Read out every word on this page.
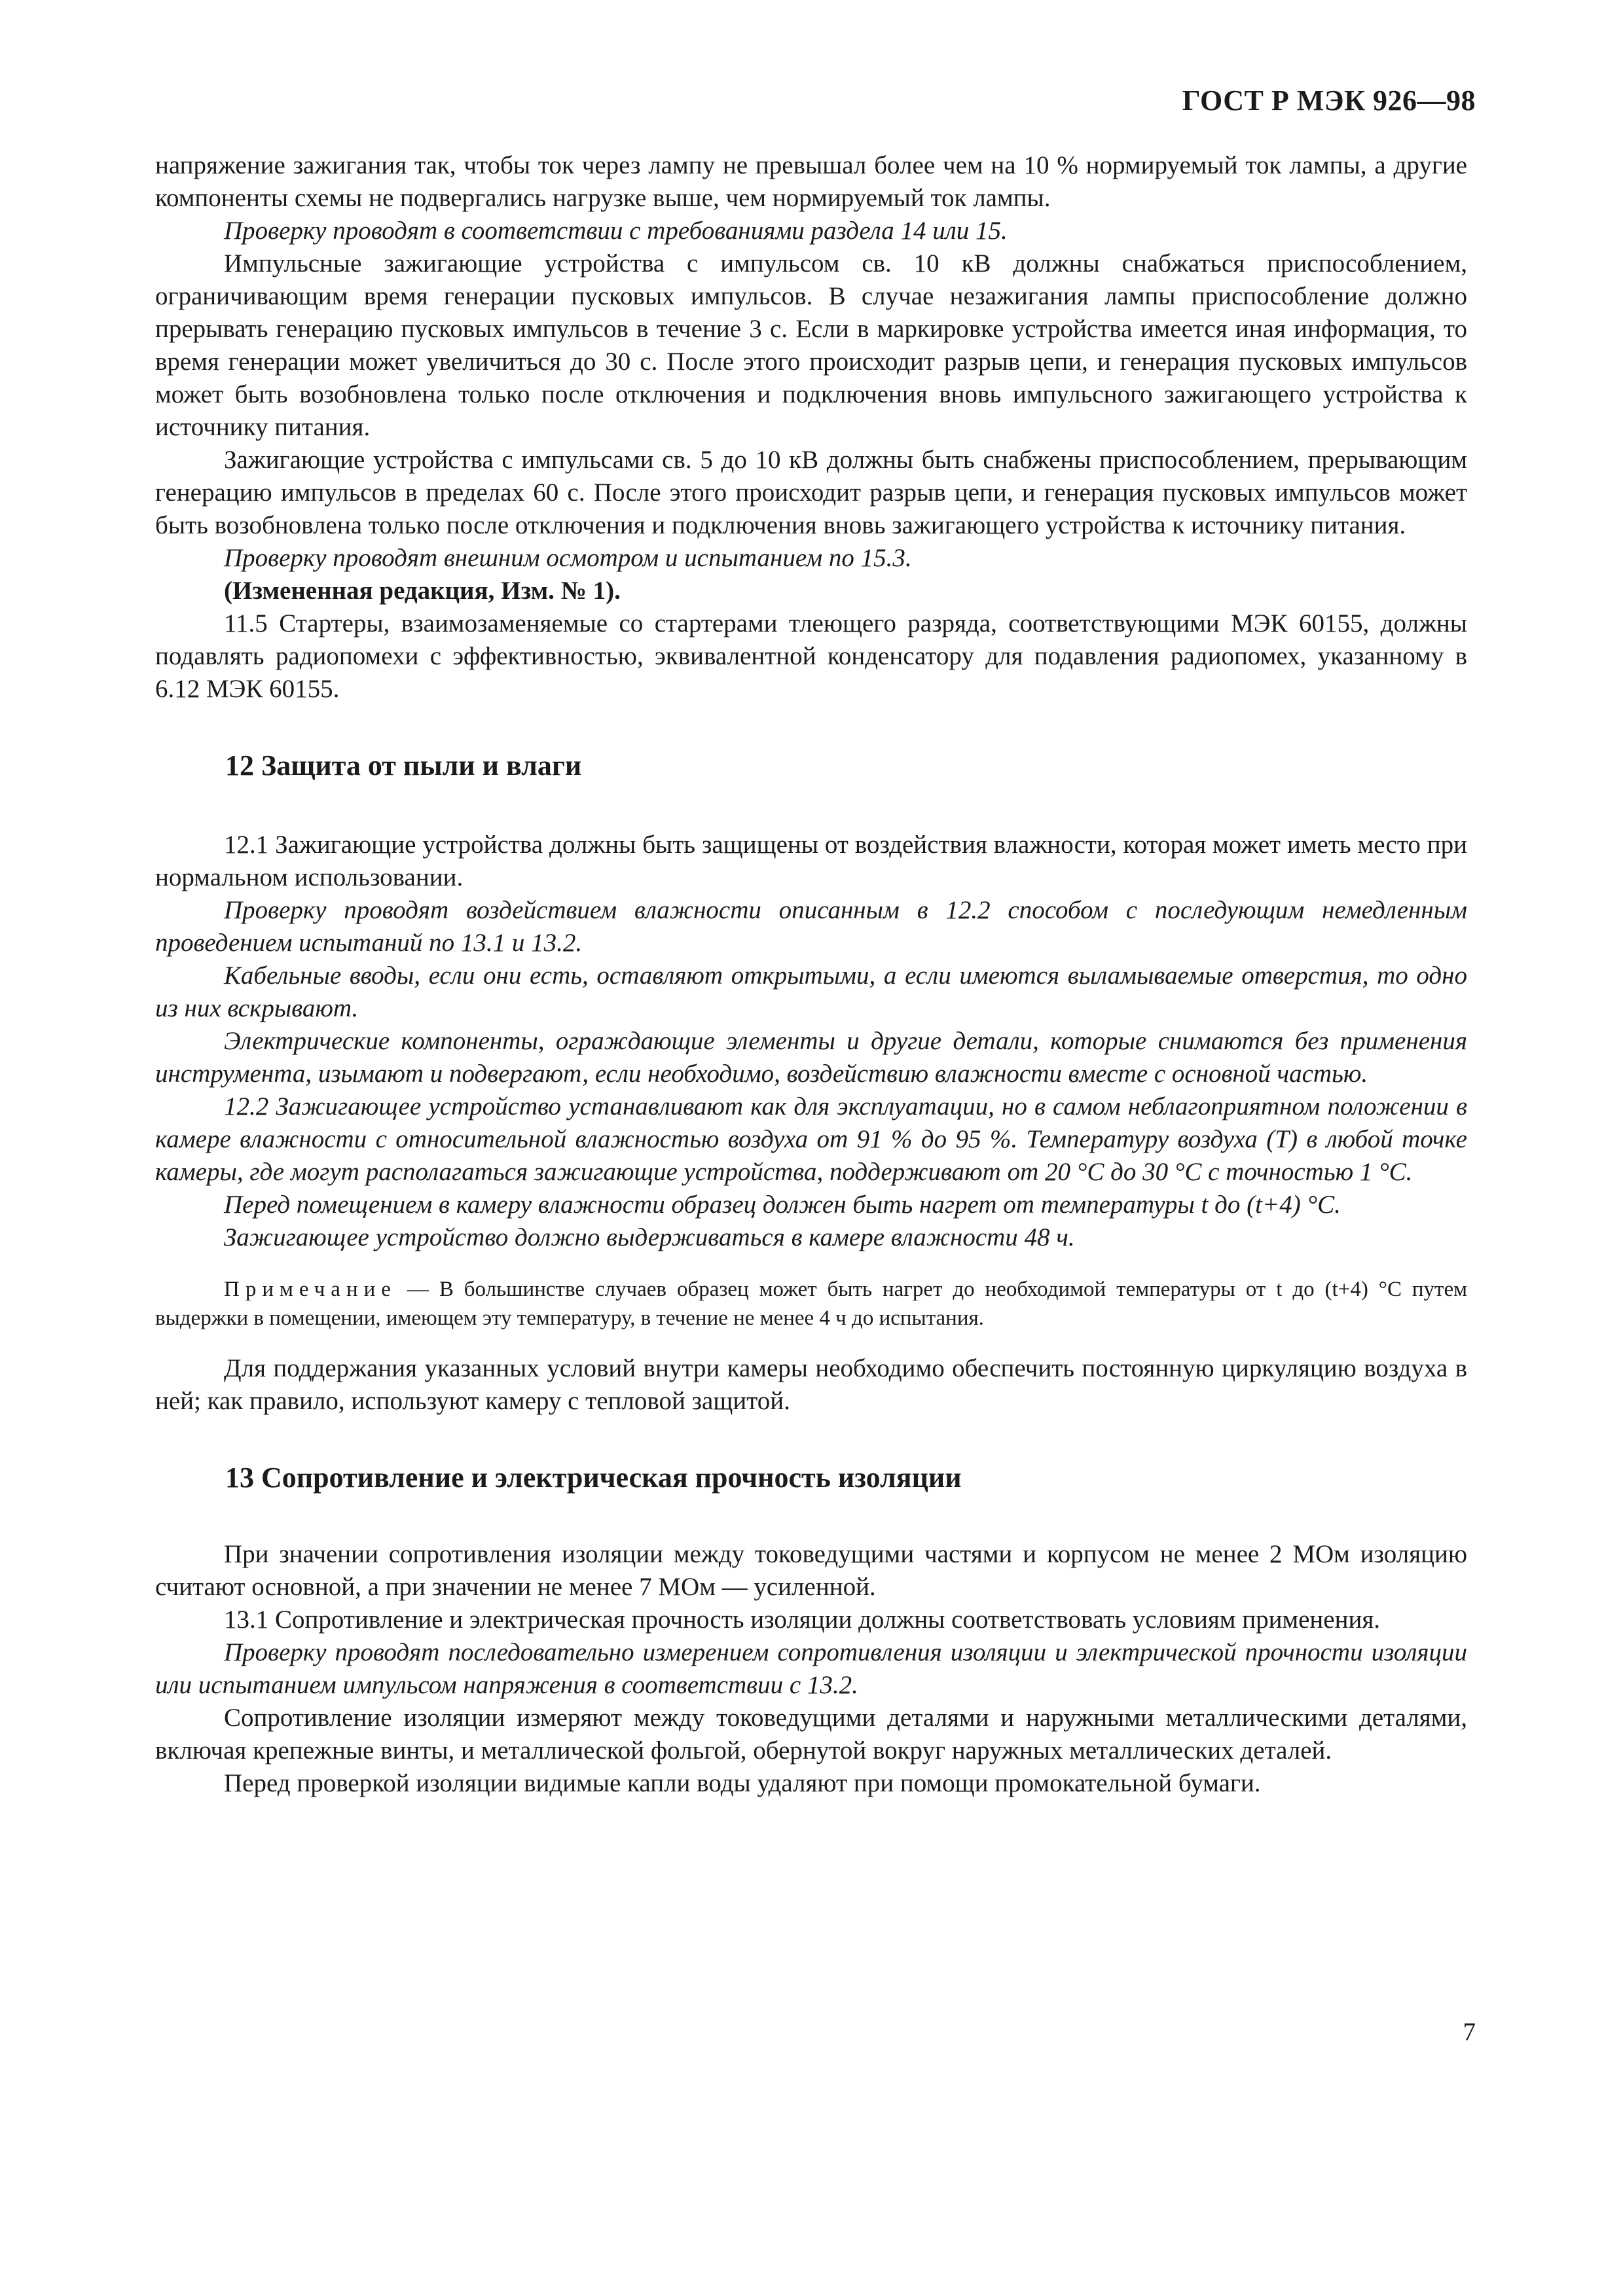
ГОСТ Р МЭК 926—98

напряжение зажигания так, чтобы ток через лампу не превышал более чем на 10 % нормируемый ток лампы, а другие компоненты схемы не подвергались нагрузке выше, чем нормируемый ток лампы.

Проверку проводят в соответствии с требованиями раздела 14 или 15.

Импульсные зажигающие устройства с импульсом св. 10 кВ должны снабжаться приспособлением, ограничивающим время генерации пусковых импульсов. В случае незажигания лампы приспособление должно прерывать генерацию пусковых импульсов в течение 3 с. Если в маркировке устройства имеется иная информация, то время генерации может увеличиться до 30 с. После этого происходит разрыв цепи, и генерация пусковых импульсов может быть возобновлена только после отключения и подключения вновь импульсного зажигающего устройства к источнику питания.

Зажигающие устройства с импульсами св. 5 до 10 кВ должны быть снабжены приспособлением, прерывающим генерацию импульсов в пределах 60 с. После этого происходит разрыв цепи, и генерация пусковых импульсов может быть возобновлена только после отключения и подключения вновь зажигающего устройства к источнику питания.

Проверку проводят внешним осмотром и испытанием по 15.3.

(Измененная редакция, Изм. № 1).

11.5 Стартеры, взаимозаменяемые со стартерами тлеющего разряда, соответствующими МЭК 60155, должны подавлять радиопомехи с эффективностью, эквивалентной конденсатору для подавления радиопомех, указанному в 6.12 МЭК 60155.

12 Защита от пыли и влаги

12.1 Зажигающие устройства должны быть защищены от воздействия влажности, которая может иметь место при нормальном использовании.

Проверку проводят воздействием влажности описанным в 12.2 способом с последующим немедленным проведением испытаний по 13.1 и 13.2.

Кабельные вводы, если они есть, оставляют открытыми, а если имеются выламываемые отверстия, то одно из них вскрывают.

Электрические компоненты, ограждающие элементы и другие детали, которые снимаются без применения инструмента, изымают и подвергают, если необходимо, воздействию влажности вместе с основной частью.

12.2 Зажигающее устройство устанавливают как для эксплуатации, но в самом неблагоприятном положении в камере влажности с относительной влажностью воздуха от 91 % до 95 %. Температуру воздуха (Т) в любой точке камеры, где могут располагаться зажигающие устройства, поддерживают от 20 °С до 30 °С с точностью 1 °С.

Перед помещением в камеру влажности образец должен быть нагрет от температуры t до (t+4) °С.

Зажигающее устройство должно выдерживаться в камере влажности 48 ч.

Примечание — В большинстве случаев образец может быть нагрет до необходимой температуры от t до (t+4) °С путем выдержки в помещении, имеющем эту температуру, в течение не менее 4 ч до испытания.

Для поддержания указанных условий внутри камеры необходимо обеспечить постоянную циркуляцию воздуха в ней; как правило, используют камеру с тепловой защитой.

13 Сопротивление и электрическая прочность изоляции

При значении сопротивления изоляции между токоведущими частями и корпусом не менее 2 МОм изоляцию считают основной, а при значении не менее 7 МОм — усиленной.

13.1 Сопротивление и электрическая прочность изоляции должны соответствовать условиям применения.

Проверку проводят последовательно измерением сопротивления изоляции и электрической прочности изоляции или испытанием импульсом напряжения в соответствии с 13.2.

Сопротивление изоляции измеряют между токоведущими деталями и наружными металлическими деталями, включая крепежные винты, и металлической фольгой, обернутой вокруг наружных металлических деталей.

Перед проверкой изоляции видимые капли воды удаляют при помощи промокательной бумаги.

7
